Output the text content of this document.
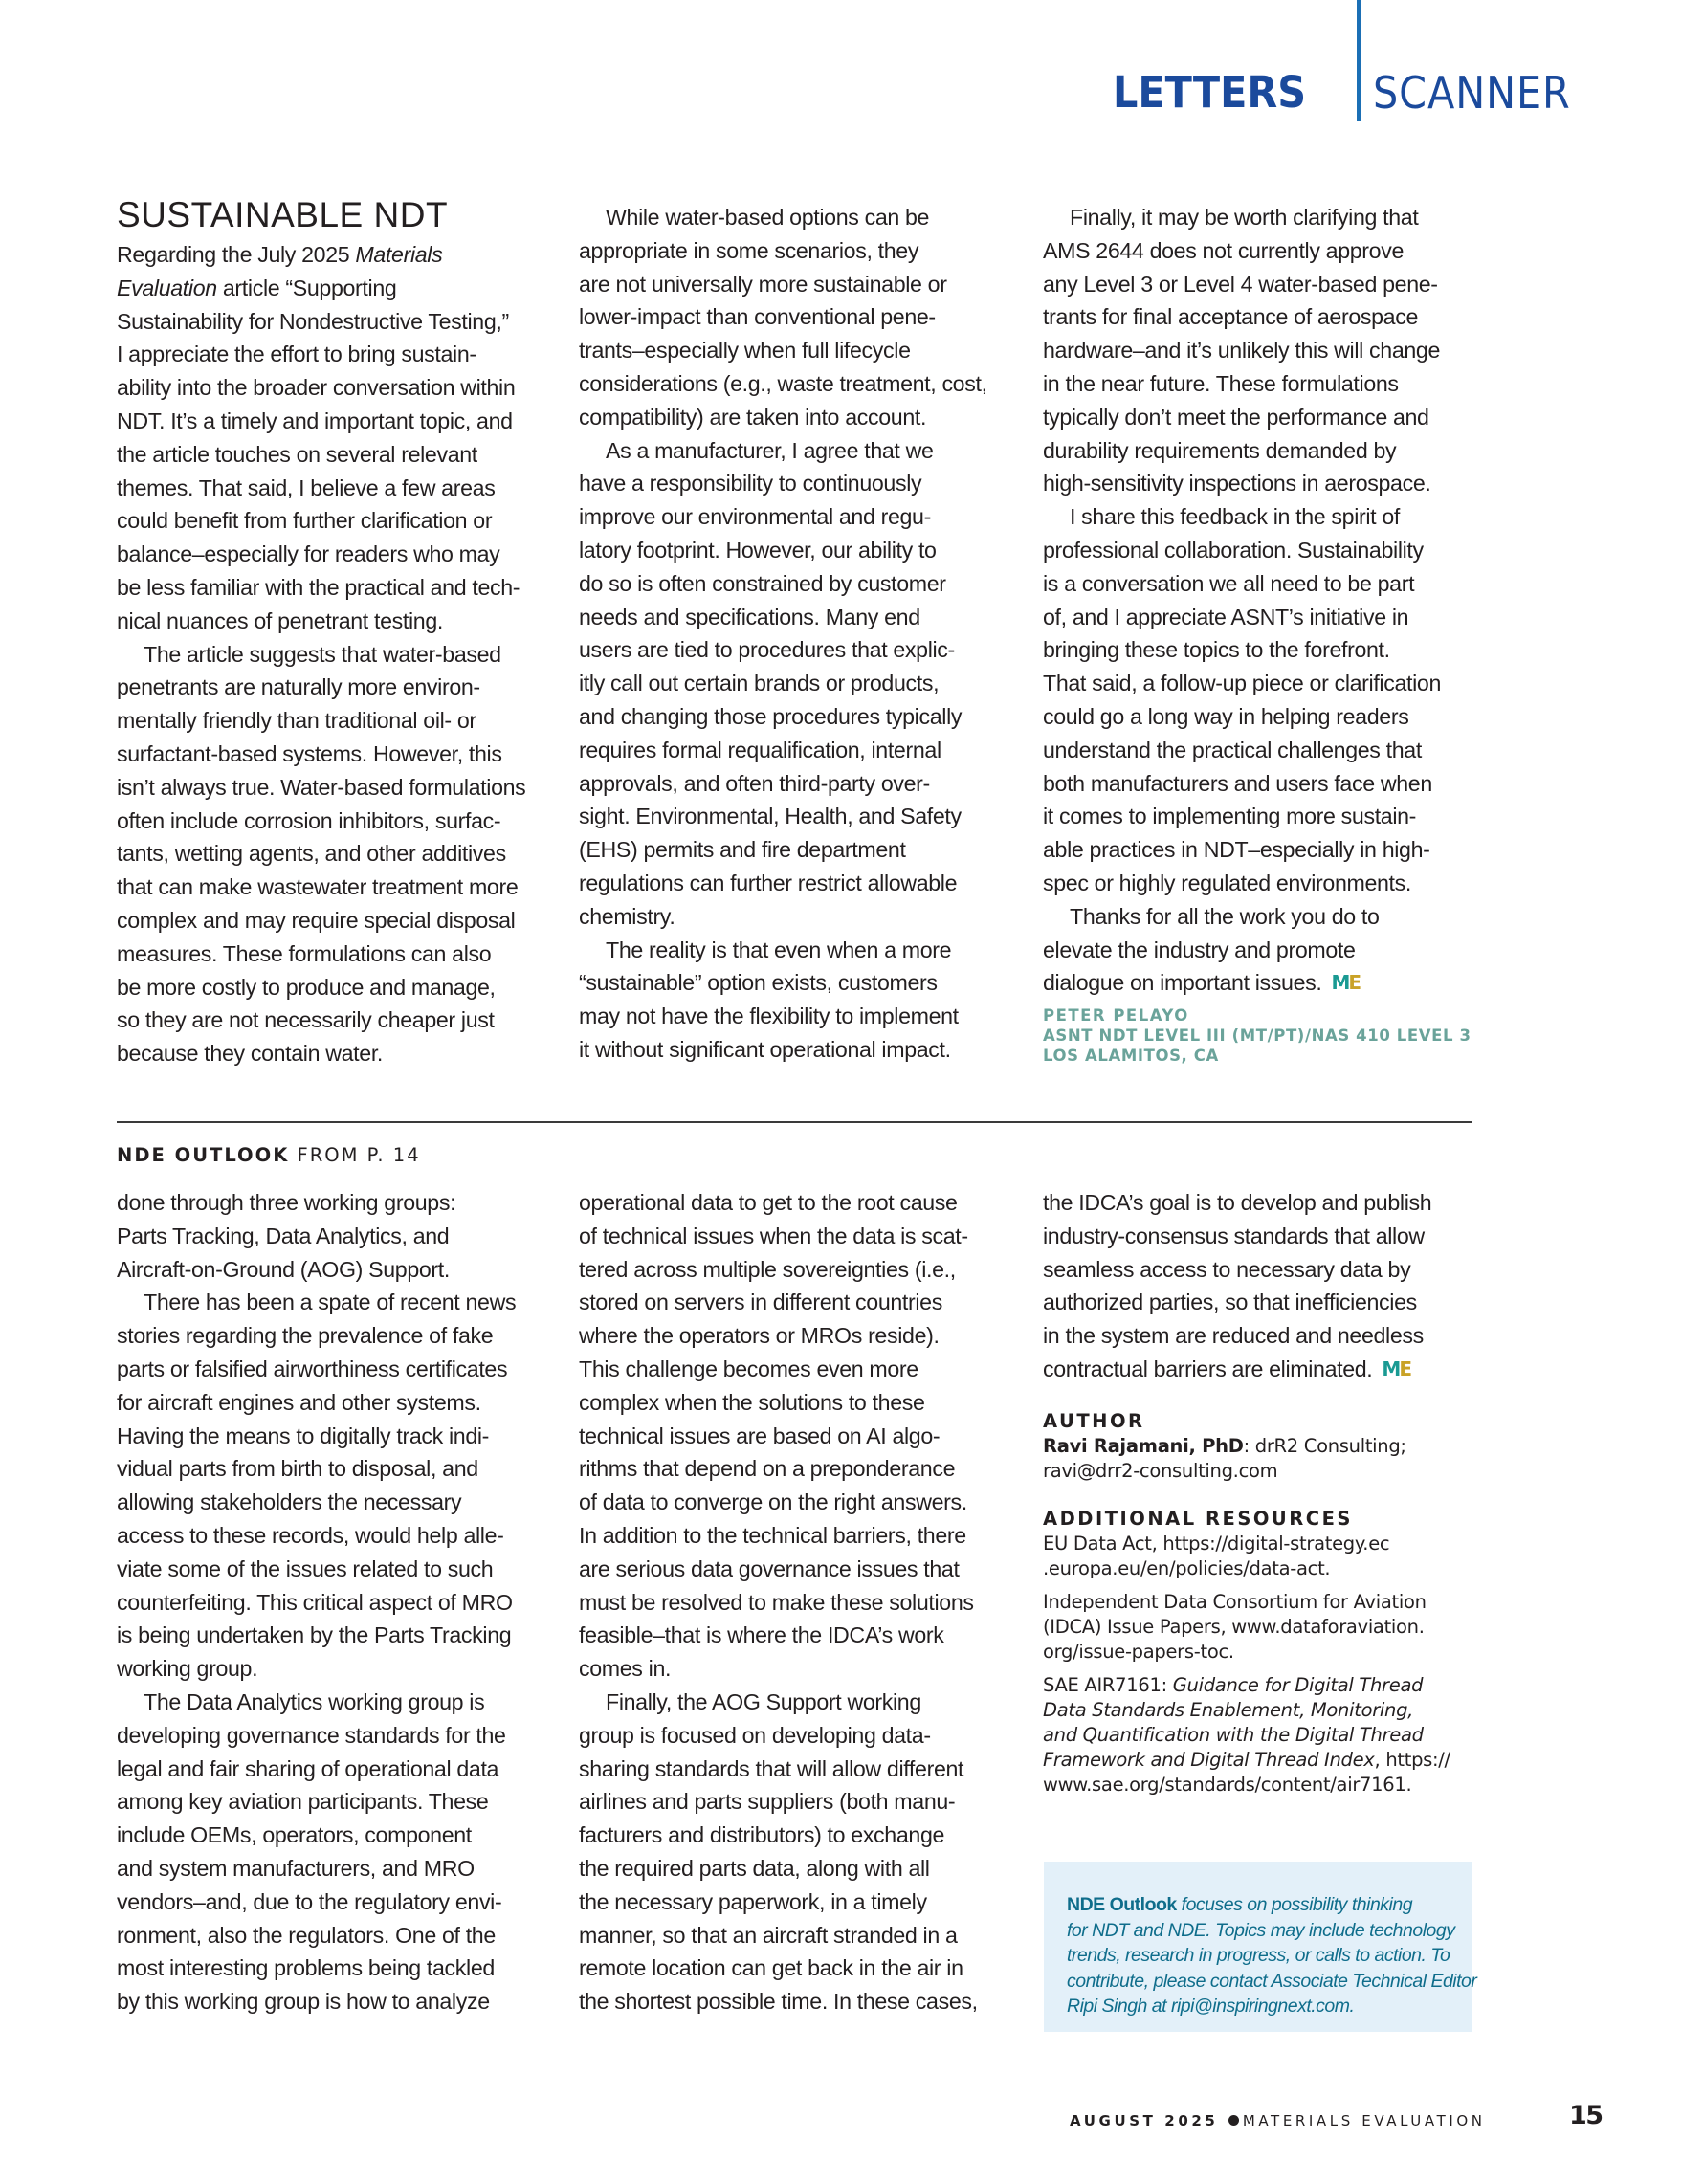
LETTERS SCANNER
SUSTAINABLE NDT

Regarding the July 2025 Materials
Evaluation article “Supporting
Sustainability for Nondestructive Testing,”
I appreciate the effort to bring sustain-
ability into the broader conversation within
NDT. It’s a timely and important topic, and
the article touches on several relevant
themes. That said, I believe a few areas
could benefit from further clarification or
balance–especially for readers who may
be less familiar with the practical and tech-
nical nuances of penetrant testing.

The article suggests that water-based
penetrants are naturally more environ-
mentally friendly than traditional oil- or
surfactant-based systems. However, this
isn’t always true. Water-based formulations
often include corrosion inhibitors, surfac-
tants, wetting agents, and other additives
that can make wastewater treatment more
complex and may require special disposal
measures. These formulations can also
be more costly to produce and manage,
so they are not necessarily cheaper just
because they contain water.

While water-based options can be
appropriate in some scenarios, they
are not universally more sustainable or
lower-impact than conventional pene-
trants–especially when full lifecycle
considerations (e.g., waste treatment, cost,
compatibility) are taken into account.

As a manufacturer, I agree that we
have a responsibility to continuously
improve our environmental and regu-
latory footprint. However, our ability to
do so is often constrained by customer
needs and specifications. Many end
users are tied to procedures that explic-
itly call out certain brands or products,
and changing those procedures typically
requires formal requalification, internal
approvals, and often third-party over-
sight. Environmental, Health, and Safety
(EHS) permits and fire department
regulations can further restrict allowable
chemistry.

The reality is that even when a more
“sustainable” option exists, customers
may not have the flexibility to implement
it without significant operational impact.

Finally, it may be worth clarifying that
AMS 2644 does not currently approve
any Level 3 or Level 4 water-based pene-
trants for final acceptance of aerospace
hardware–and it’s unlikely this will change
in the near future. These formulations
typically don’t meet the performance and
durability requirements demanded by
high-sensitivity inspections in aerospace.

I share this feedback in the spirit of
professional collaboration. Sustainability
is a conversation we all need to be part
of, and I appreciate ASNT’s initiative in
bringing these topics to the forefront.
That said, a follow-up piece or clarification
could go a long way in helping readers
understand the practical challenges that
both manufacturers and users face when
it comes to implementing more sustain-
able practices in NDT–especially in high-
spec or highly regulated environments.

Thanks for all the work you do to
elevate the industry and promote
dialogue on important issues. ME

PETER PELAYO
ASNT NDT LEVEL III (MT/PT)/NAS 410 LEVEL 3
LOS ALAMITOS, CA
NDE OUTLOOK FROM P. 14

done through three working groups:
Parts Tracking, Data Analytics, and
Aircraft-on-Ground (AOG) Support.

There has been a spate of recent news
stories regarding the prevalence of fake
parts or falsified airworthiness certificates
for aircraft engines and other systems.
Having the means to digitally track indi-
vidual parts from birth to disposal, and
allowing stakeholders the necessary
access to these records, would help alle-
viate some of the issues related to such
counterfeiting. This critical aspect of MRO
is being undertaken by the Parts Tracking
working group.

The Data Analytics working group is
developing governance standards for the
legal and fair sharing of operational data
among key aviation participants. These
include OEMs, operators, component
and system manufacturers, and MRO
vendors–and, due to the regulatory envi-
ronment, also the regulators. One of the
most interesting problems being tackled
by this working group is how to analyze

operational data to get to the root cause
of technical issues when the data is scat-
tered across multiple sovereignties (i.e.,
stored on servers in different countries
where the operators or MROs reside).
This challenge becomes even more
complex when the solutions to these
technical issues are based on AI algo-
rithms that depend on a preponderance
of data to converge on the right answers.
In addition to the technical barriers, there
are serious data governance issues that
must be resolved to make these solutions
feasible–that is where the IDCA’s work
comes in.

Finally, the AOG Support working
group is focused on developing data-
sharing standards that will allow different
airlines and parts suppliers (both manu-
facturers and distributors) to exchange
the required parts data, along with all
the necessary paperwork, in a timely
manner, so that an aircraft stranded in a
remote location can get back in the air in
the shortest possible time. In these cases,

the IDCA’s goal is to develop and publish
industry-consensus standards that allow
seamless access to necessary data by
authorized parties, so that inefficiencies
in the system are reduced and needless
contractual barriers are eliminated. ME

AUTHOR
Ravi Rajamani, PhD: drR2 Consulting;
ravi@drr2-consulting.com
ADDITIONAL RESOURCES

EU Data Act, https://digital-strategy.ec
.europa.eu/en/policies/data-act.

Independent Data Consortium for Aviation
(IDCA) Issue Papers, www.dataforaviation.
org/issue-papers-toc.

SAE AIR7161: Guidance for Digital Thread
Data Standards Enablement, Monitoring,
and Quantification with the Digital Thread
Framework and Digital Thread Index, https://
www.sae.org/standards/content/air7161.

NDE Outlook focuses on possibility thinking
for NDT and NDE. Topics may include technology
trends, research in progress, or calls to action. To
contribute, please contact Associate Technical Editor
Ripi Singh at ripi@inspiringnext.com.
AUGUST 2025 MATERIALS EVALUATION	15
